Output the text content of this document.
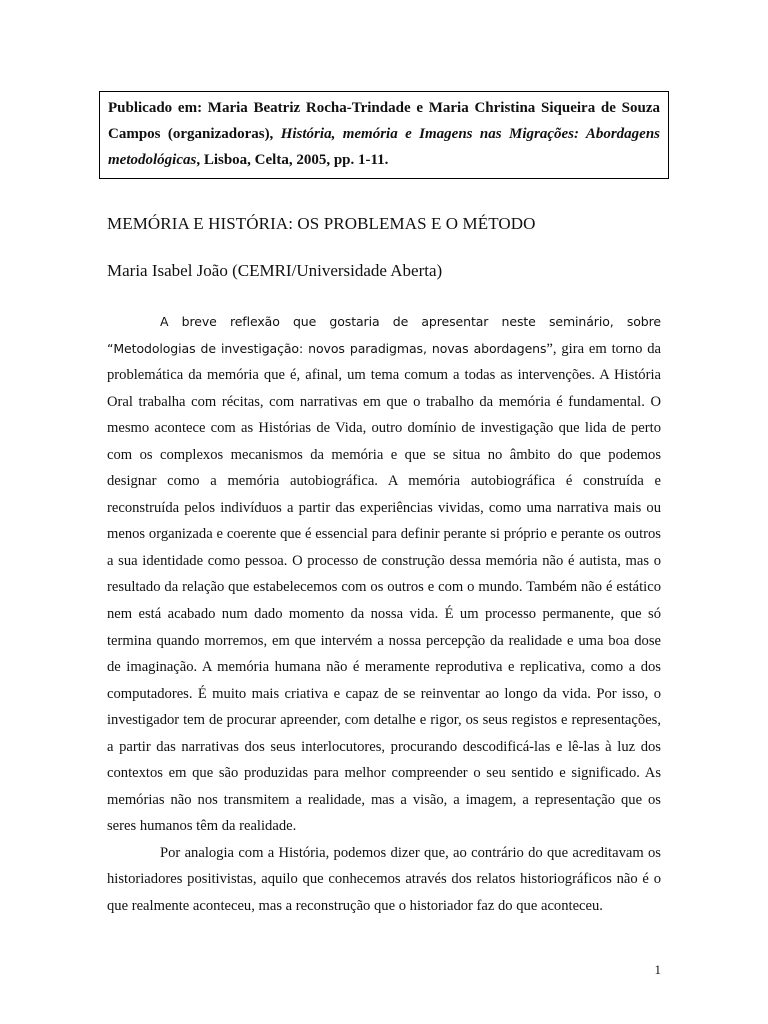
Publicado em: Maria Beatriz Rocha-Trindade e Maria Christina Siqueira de Souza Campos (organizadoras), História, memória e Imagens nas Migrações: Abordagens metodológicas, Lisboa, Celta, 2005, pp. 1-11.
MEMÓRIA E HISTÓRIA: OS PROBLEMAS E O MÉTODO
Maria Isabel João (CEMRI/Universidade Aberta)

A breve reflexão que gostaria de apresentar neste seminário, sobre “Metodologias de investigação: novos paradigmas, novas abordagens”, gira em torno da problemática da memória que é, afinal, um tema comum a todas as intervenções. A História Oral trabalha com récitas, com narrativas em que o trabalho da memória é fundamental. O mesmo acontece com as Histórias de Vida, outro domínio de investigação que lida de perto com os complexos mecanismos da memória e que se situa no âmbito do que podemos designar como a memória autobiográfica. A memória autobiográfica é construída e reconstruída pelos indivíduos a partir das experiências vividas, como uma narrativa mais ou menos organizada e coerente que é essencial para definir perante si próprio e perante os outros a sua identidade como pessoa. O processo de construção dessa memória não é autista, mas o resultado da relação que estabelecemos com os outros e com o mundo. Também não é estático nem está acabado num dado momento da nossa vida. É um processo permanente, que só termina quando morremos, em que intervém a nossa percepção da realidade e uma boa dose de imaginação. A memória humana não é meramente reprodutiva e replicativa, como a dos computadores. É muito mais criativa e capaz de se reinventar ao longo da vida. Por isso, o investigador tem de procurar apreender, com detalhe e rigor, os seus registos e representações, a partir das narrativas dos seus interlocutores, procurando descodificá-las e lê-las à luz dos contextos em que são produzidas para melhor compreender o seu sentido e significado. As memórias não nos transmitem a realidade, mas a visão, a imagem, a representação que os seres humanos têm da realidade.

Por analogia com a História, podemos dizer que, ao contrário do que acreditavam os historiadores positivistas, aquilo que conhecemos através dos relatos historiográficos não é o que realmente aconteceu, mas a reconstrução que o historiador faz do que aconteceu.

1
